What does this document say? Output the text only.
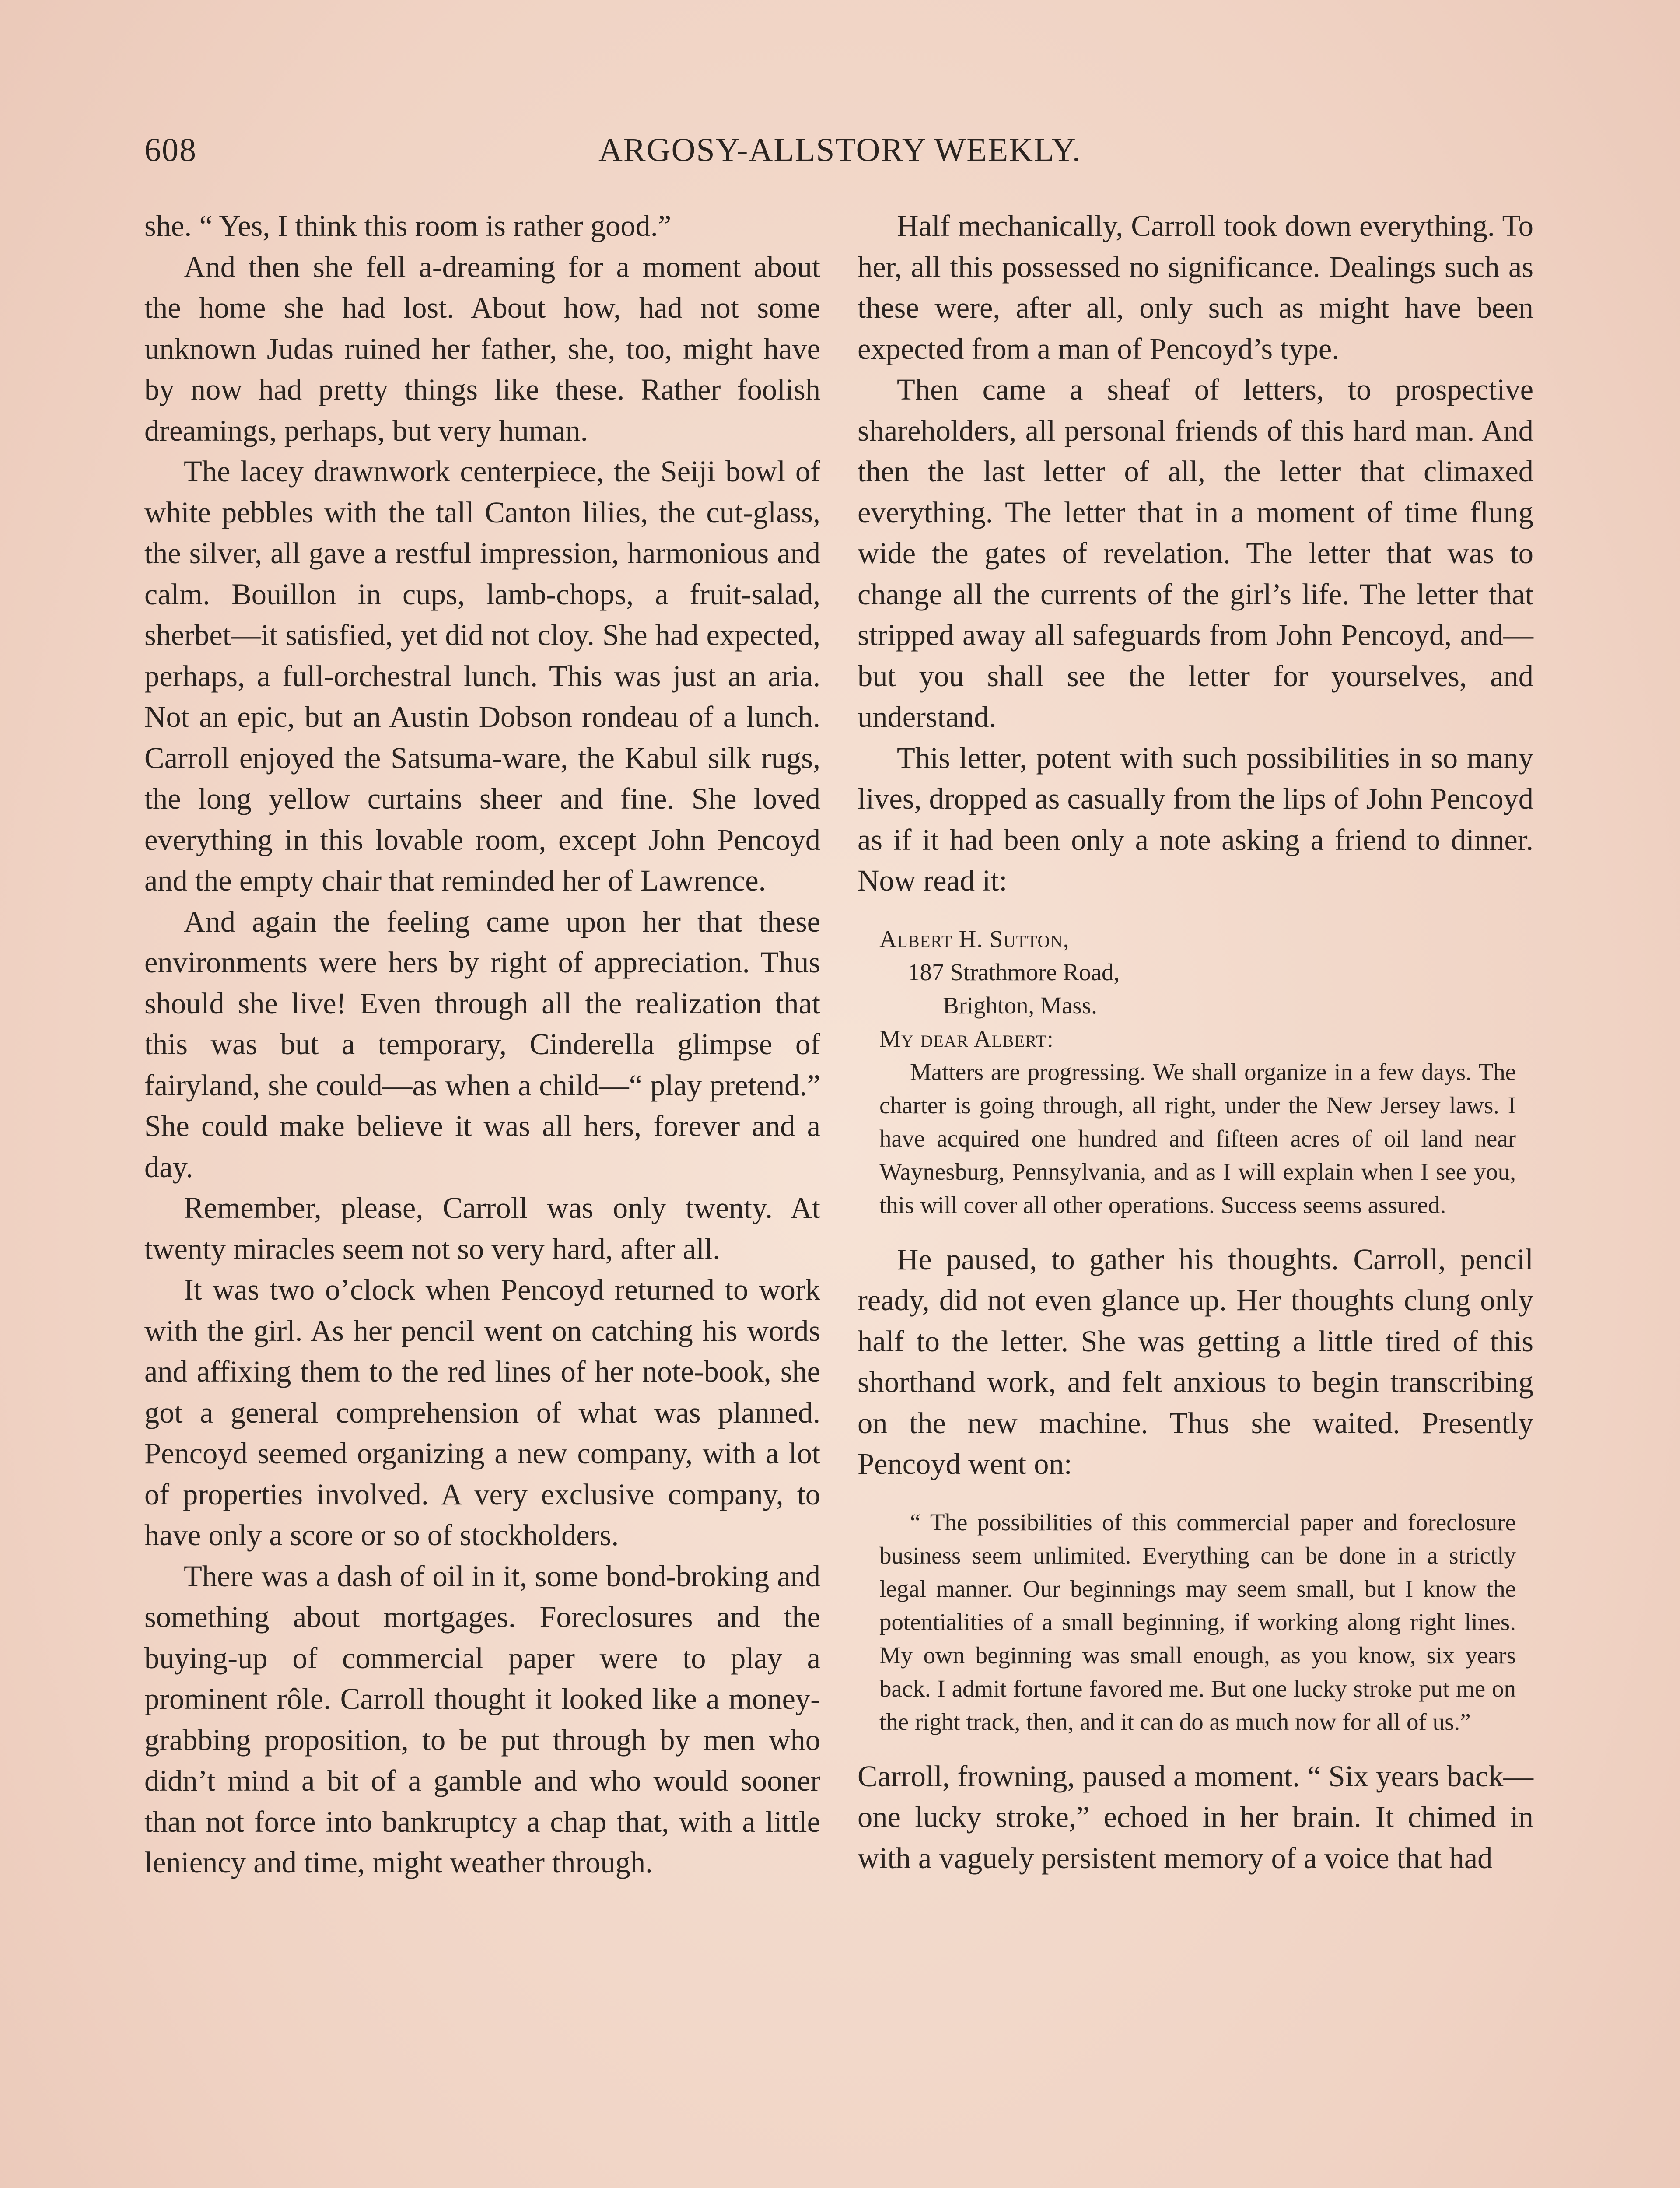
608	ARGOSY-ALLSTORY WEEKLY.

she. “ Yes, I think this room is rather good.”

And then she fell a-dreaming for a moment about the home she had lost. About how, had not some unknown Judas ruined her father, she, too, might have by now had pretty things like these. Rather foolish dreamings, perhaps, but very human.

The lacey drawnwork centerpiece, the Seiji bowl of white pebbles with the tall Canton lilies, the cut-glass, the silver, all gave a restful impression, harmonious and calm. Bouillon in cups, lamb-chops, a fruit-salad, sherbet—it satisfied, yet did not cloy. She had expected, perhaps, a full-orchestral lunch. This was just an aria. Not an epic, but an Austin Dobson rondeau of a lunch. Carroll enjoyed the Satsuma-ware, the Kabul silk rugs, the long yellow curtains sheer and fine. She loved everything in this lovable room, except John Pencoyd and the empty chair that reminded her of Lawrence.

And again the feeling came upon her that these environments were hers by right of appreciation. Thus should she live! Even through all the realization that this was but a temporary, Cinderella glimpse of fairyland, she could—as when a child—“ play pretend.” She could make believe it was all hers, forever and a day.

Remember, please, Carroll was only twenty. At twenty miracles seem not so very hard, after all.

It was two o’clock when Pencoyd returned to work with the girl. As her pencil went on catching his words and affixing them to the red lines of her note-book, she got a general comprehension of what was planned. Pencoyd seemed organizing a new company, with a lot of properties involved. A very exclusive company, to have only a score or so of stockholders.

There was a dash of oil in it, some bond-broking and something about mortgages. Foreclosures and the buying-up of commercial paper were to play a prominent rôle. Carroll thought it looked like a money-grabbing proposition, to be put through by men who didn’t mind a bit of a gamble and who would sooner than not force into bankruptcy a chap that, with a little leniency and time, might weather through.

Half mechanically, Carroll took down everything. To her, all this possessed no significance. Dealings such as these were, after all, only such as might have been expected from a man of Pencoyd’s type.

Then came a sheaf of letters, to prospective shareholders, all personal friends of this hard man. And then the last letter of all, the letter that climaxed everything. The letter that in a moment of time flung wide the gates of revelation. The letter that was to change all the currents of the girl’s life. The letter that stripped away all safeguards from John Pencoyd, and—but you shall see the letter for yourselves, and understand.

This letter, potent with such possibilities in so many lives, dropped as casually from the lips of John Pencoyd as if it had been only a note asking a friend to dinner. Now read it:

Albert H. Sutton,
187 Strathmore Road,
Brighton, Mass.
My dear Albert:

Matters are progressing. We shall organize in a few days. The charter is going through, all right, under the New Jersey laws. I have acquired one hundred and fifteen acres of oil land near Waynesburg, Pennsylvania, and as I will explain when I see you, this will cover all other operations. Success seems assured.

He paused, to gather his thoughts. Carroll, pencil ready, did not even glance up. Her thoughts clung only half to the letter. She was getting a little tired of this shorthand work, and felt anxious to begin transcribing on the new machine. Thus she waited. Presently Pencoyd went on:

“ The possibilities of this commercial paper and foreclosure business seem unlimited. Everything can be done in a strictly legal manner. Our beginnings may seem small, but I know the potentialities of a small beginning, if working along right lines. My own beginning was small enough, as you know, six years back. I admit fortune favored me. But one lucky stroke put me on the right track, then, and it can do as much now for all of us.”

Carroll, frowning, paused a moment. “ Six years back—one lucky stroke,” echoed in her brain. It chimed in with a vaguely persistent memory of a voice that had
